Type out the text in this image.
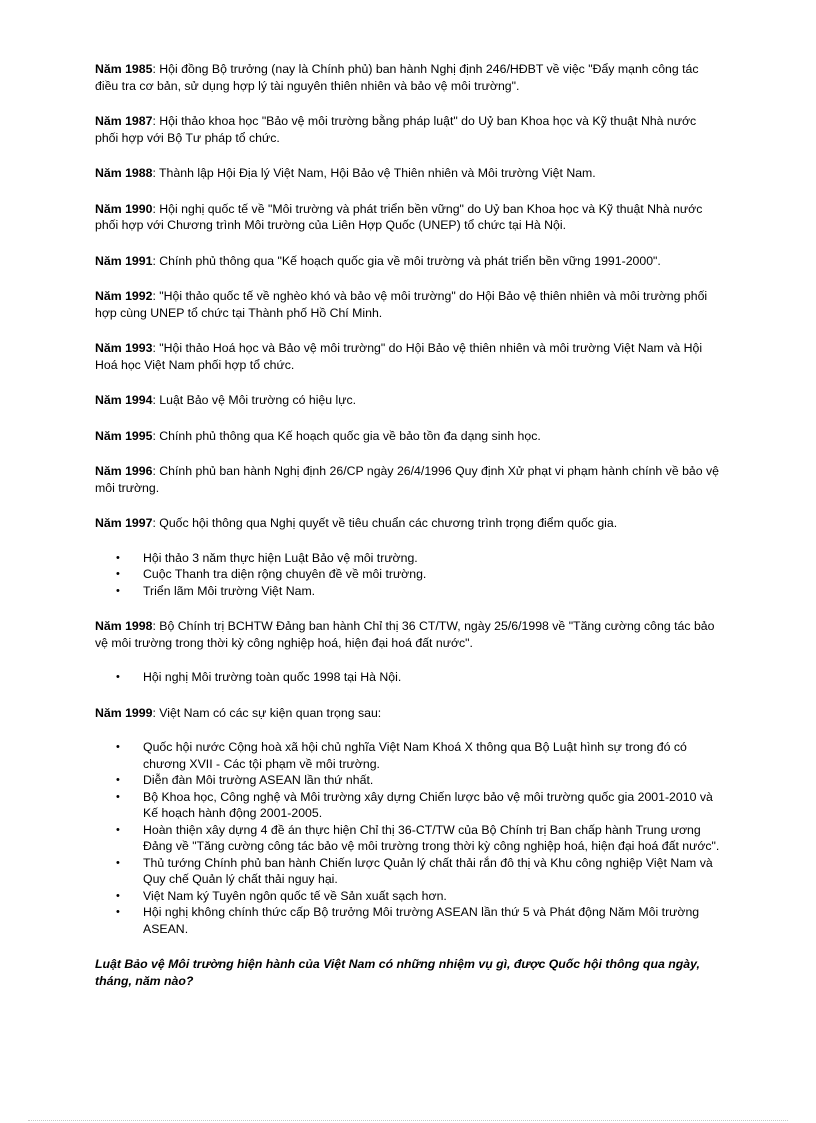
Năm 1985: Hội đồng Bộ trưởng (nay là Chính phủ) ban hành Nghị định 246/HĐBT về việc "Đẩy mạnh công tác điều tra cơ bản, sử dụng hợp lý tài nguyên thiên nhiên và bảo vệ môi trường".

Năm 1987: Hội thảo khoa học "Bảo vệ môi trường bằng pháp luật" do Uỷ ban Khoa học và Kỹ thuật Nhà nước phối hợp với Bộ Tư pháp tổ chức.

Năm 1988: Thành lập Hội Địa lý Việt Nam, Hội Bảo vệ Thiên nhiên và Môi trường Việt Nam.

Năm 1990: Hội nghị quốc tế về "Môi trường và phát triển bền vững" do Uỷ ban Khoa học và Kỹ thuật Nhà nước phối hợp với Chương trình Môi trường của Liên Hợp Quốc (UNEP) tổ chức tại Hà Nội.

Năm 1991: Chính phủ thông qua "Kế hoạch quốc gia về môi trường và phát triển bền vững 1991-2000".

Năm 1992: "Hội thảo quốc tế về nghèo khó và bảo vệ môi trường" do Hội Bảo vệ thiên nhiên và môi trường phối hợp cùng UNEP tổ chức tại Thành phố Hồ Chí Minh.

Năm 1993: "Hội thảo Hoá học và Bảo vệ môi trường" do Hội Bảo vệ thiên nhiên và môi trường Việt Nam và Hội Hoá học Việt Nam phối hợp tổ chức.

Năm 1994: Luật Bảo vệ Môi trường có hiệu lực.

Năm 1995: Chính phủ thông qua Kế hoạch quốc gia về bảo tồn đa dạng sinh học.

Năm 1996: Chính phủ ban hành Nghị định 26/CP ngày 26/4/1996 Quy định Xử phạt vi phạm hành chính về bảo vệ môi trường.

Năm 1997: Quốc hội thông qua Nghị quyết về tiêu chuẩn các chương trình trọng điểm quốc gia.

• Hội thảo 3 năm thực hiện Luật Bảo vệ môi trường.
• Cuộc Thanh tra diện rộng chuyên đề về môi trường.
• Triển lãm Môi trường Việt Nam.

Năm 1998: Bộ Chính trị BCHTW Đảng ban hành Chỉ thị 36 CT/TW, ngày 25/6/1998 về "Tăng cường công tác bảo vệ môi trường trong thời kỳ công nghiệp hoá, hiện đại hoá đất nước".

• Hội nghị Môi trường toàn quốc 1998 tại Hà Nội.

Năm 1999: Việt Nam có các sự kiện quan trọng sau:

• Quốc hội nước Cộng hoà xã hội chủ nghĩa Việt Nam Khoá X thông qua Bộ Luật hình sự trong đó có chương XVII - Các tội phạm về môi trường.
• Diễn đàn Môi trường ASEAN lần thứ nhất.
• Bộ Khoa học, Công nghệ và Môi trường xây dựng Chiến lược bảo vệ môi trường quốc gia 2001-2010 và Kế hoạch hành động 2001-2005.
• Hoàn thiện xây dựng 4 đề án thực hiện Chỉ thị 36-CT/TW của Bộ Chính trị Ban chấp hành Trung ương Đảng về "Tăng cường công tác bảo vệ môi trường trong thời kỳ công nghiệp hoá, hiện đại hoá đất nước".
• Thủ tướng Chính phủ ban hành Chiến lược Quản lý chất thải rắn đô thị và Khu công nghiệp Việt Nam và Quy chế Quản lý chất thải nguy hại.
• Việt Nam ký Tuyên ngôn quốc tế về Sản xuất sạch hơn.
• Hội nghị không chính thức cấp Bộ trưởng Môi trường ASEAN lần thứ 5 và Phát động Năm Môi trường ASEAN.

Luật Bảo vệ Môi trường hiện hành của Việt Nam có những nhiệm vụ gì, được Quốc hội thông qua ngày, tháng, năm nào?
